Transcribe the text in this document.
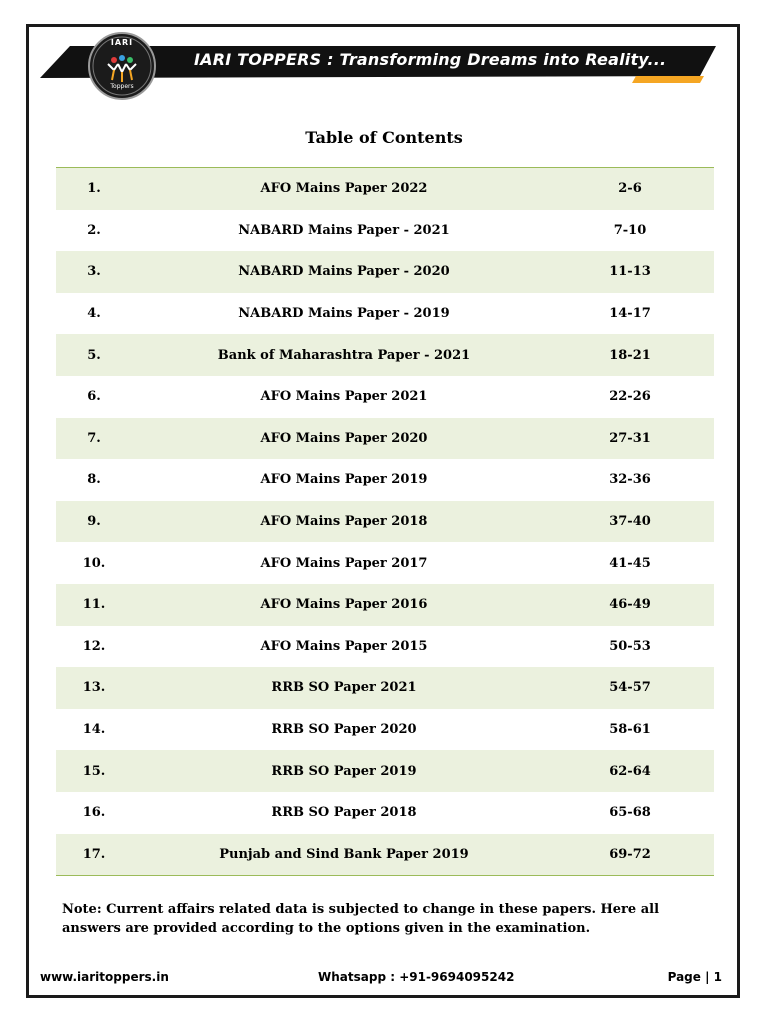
IARI TOPPERS : Transforming Dreams into Reality...
IARI
Toppers
Table of Contents
1.	AFO Mains Paper 2022	2-6
2.	NABARD Mains Paper - 2021	7-10
3.	NABARD Mains Paper - 2020	11-13
4.	NABARD Mains Paper - 2019	14-17
5.	Bank of Maharashtra Paper - 2021	18-21
6.	AFO Mains Paper 2021	22-26
7.	AFO Mains Paper 2020	27-31
8.	AFO Mains Paper 2019	32-36
9.	AFO Mains Paper 2018	37-40
10.	AFO Mains Paper 2017	41-45
11.	AFO Mains Paper 2016	46-49
12.	AFO Mains Paper 2015	50-53
13.	RRB SO Paper 2021	54-57
14.	RRB SO Paper 2020	58-61
15.	RRB SO Paper 2019	62-64
16.	RRB SO Paper 2018	65-68
17.	Punjab and Sind Bank Paper 2019	69-72
Note: Current affairs related data is subjected to change in these papers. Here all answers are provided according to the options given in the examination.
www.iaritoppers.in	Whatsapp : +91-9694095242	Page | 1
